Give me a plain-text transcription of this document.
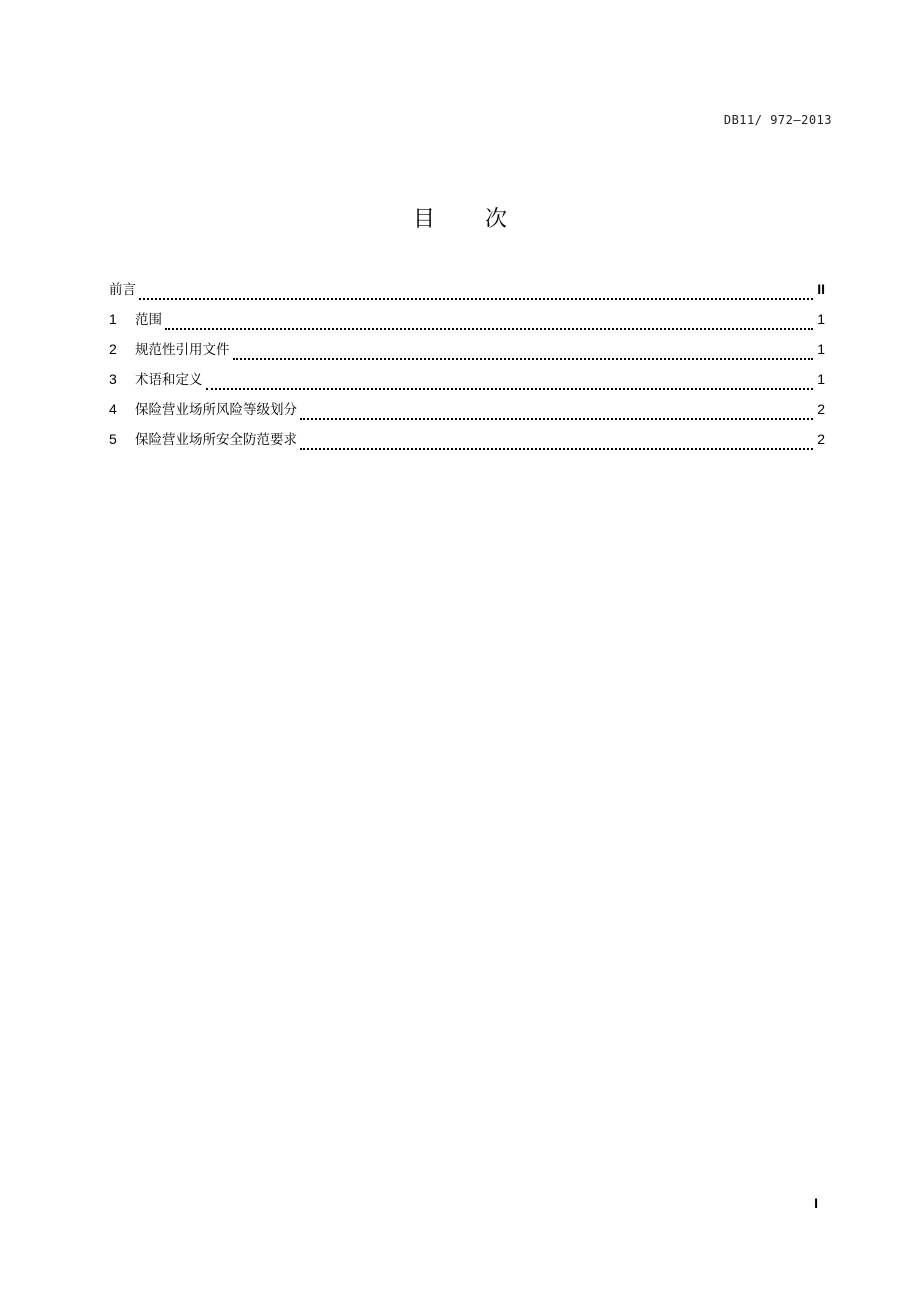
DB11/ 972—2013
目 次
前言	II
1	范围	1
2	规范性引用文件	1
3	术语和定义	1
4	保险营业场所风险等级划分	2
5	保险营业场所安全防范要求	2
I
